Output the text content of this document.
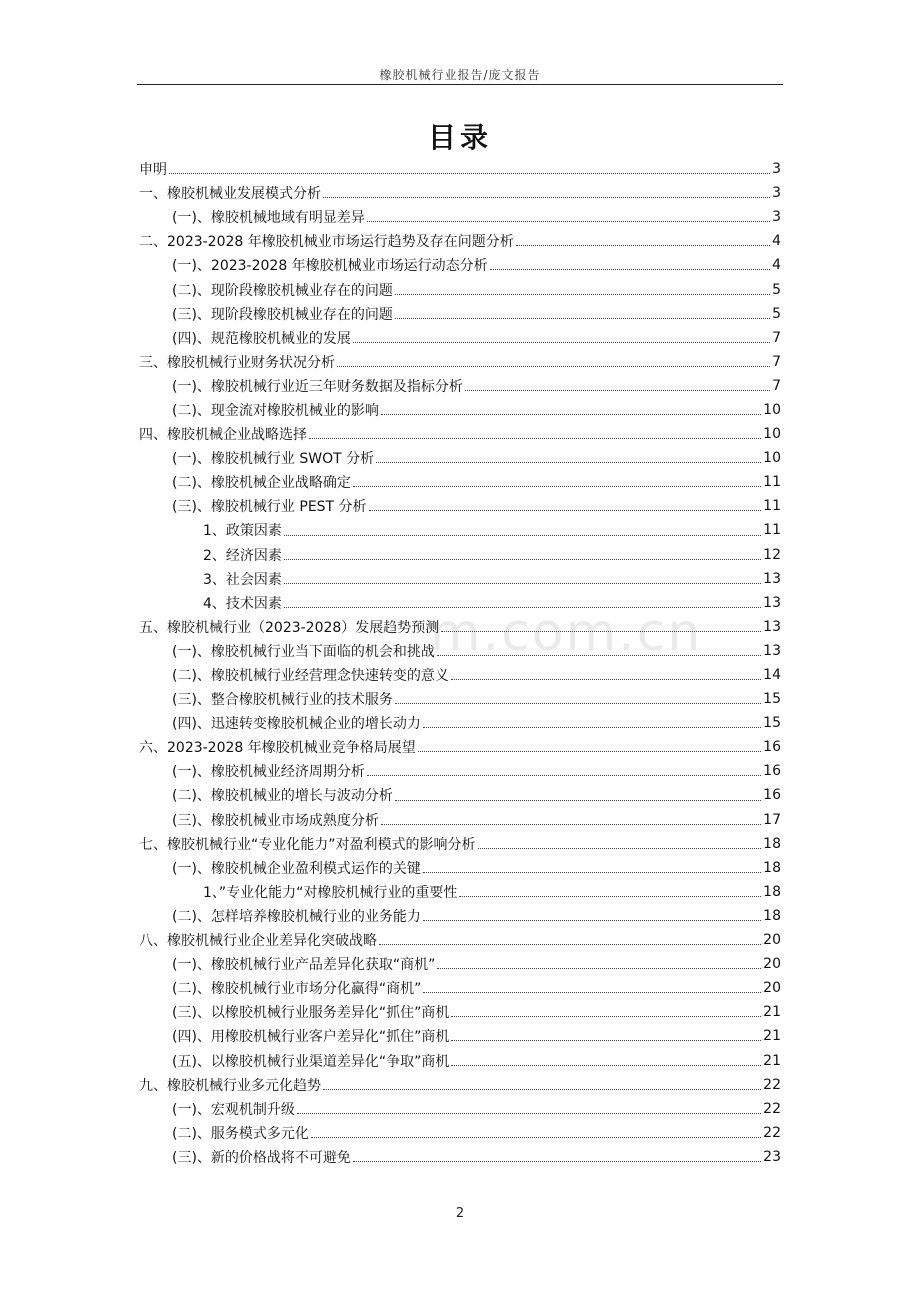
橡胶机械行业报告/庞文报告
目录
m.com.cn
申明	3
一、橡胶机械业发展模式分析	3
(一)、橡胶机械地域有明显差异	3
二、2023-2028 年橡胶机械业市场运行趋势及存在问题分析	4
(一)、2023-2028 年橡胶机械业市场运行动态分析	4
(二)、现阶段橡胶机械业存在的问题	5
(三)、现阶段橡胶机械业存在的问题	5
(四)、规范橡胶机械业的发展	7
三、橡胶机械行业财务状况分析	7
(一)、橡胶机械行业近三年财务数据及指标分析	7
(二)、现金流对橡胶机械业的影响	10
四、橡胶机械企业战略选择	10
(一)、橡胶机械行业 SWOT 分析	10
(二)、橡胶机械企业战略确定	11
(三)、橡胶机械行业 PEST 分析	11
1、政策因素	11
2、经济因素	12
3、社会因素	13
4、技术因素	13
五、橡胶机械行业（2023-2028）发展趋势预测	13
(一)、橡胶机械行业当下面临的机会和挑战	13
(二)、橡胶机械行业经营理念快速转变的意义	14
(三)、整合橡胶机械行业的技术服务	15
(四)、迅速转变橡胶机械企业的增长动力	15
六、2023-2028 年橡胶机械业竞争格局展望	16
(一)、橡胶机械业经济周期分析	16
(二)、橡胶机械业的增长与波动分析	16
(三)、橡胶机械业市场成熟度分析	17
七、橡胶机械行业“专业化能力”对盈利模式的影响分析	18
(一)、橡胶机械企业盈利模式运作的关键	18
1、”专业化能力“对橡胶机械行业的重要性	18
(二)、怎样培养橡胶机械行业的业务能力	18
八、橡胶机械行业企业差异化突破战略	20
(一)、橡胶机械行业产品差异化获取“商机”	20
(二)、橡胶机械行业市场分化赢得“商机”	20
(三)、以橡胶机械行业服务差异化“抓住”商机	21
(四)、用橡胶机械行业客户差异化“抓住”商机	21
(五)、以橡胶机械行业渠道差异化“争取”商机	21
九、橡胶机械行业多元化趋势	22
(一)、宏观机制升级	22
(二)、服务模式多元化	22
(三)、新的价格战将不可避免	23
2
